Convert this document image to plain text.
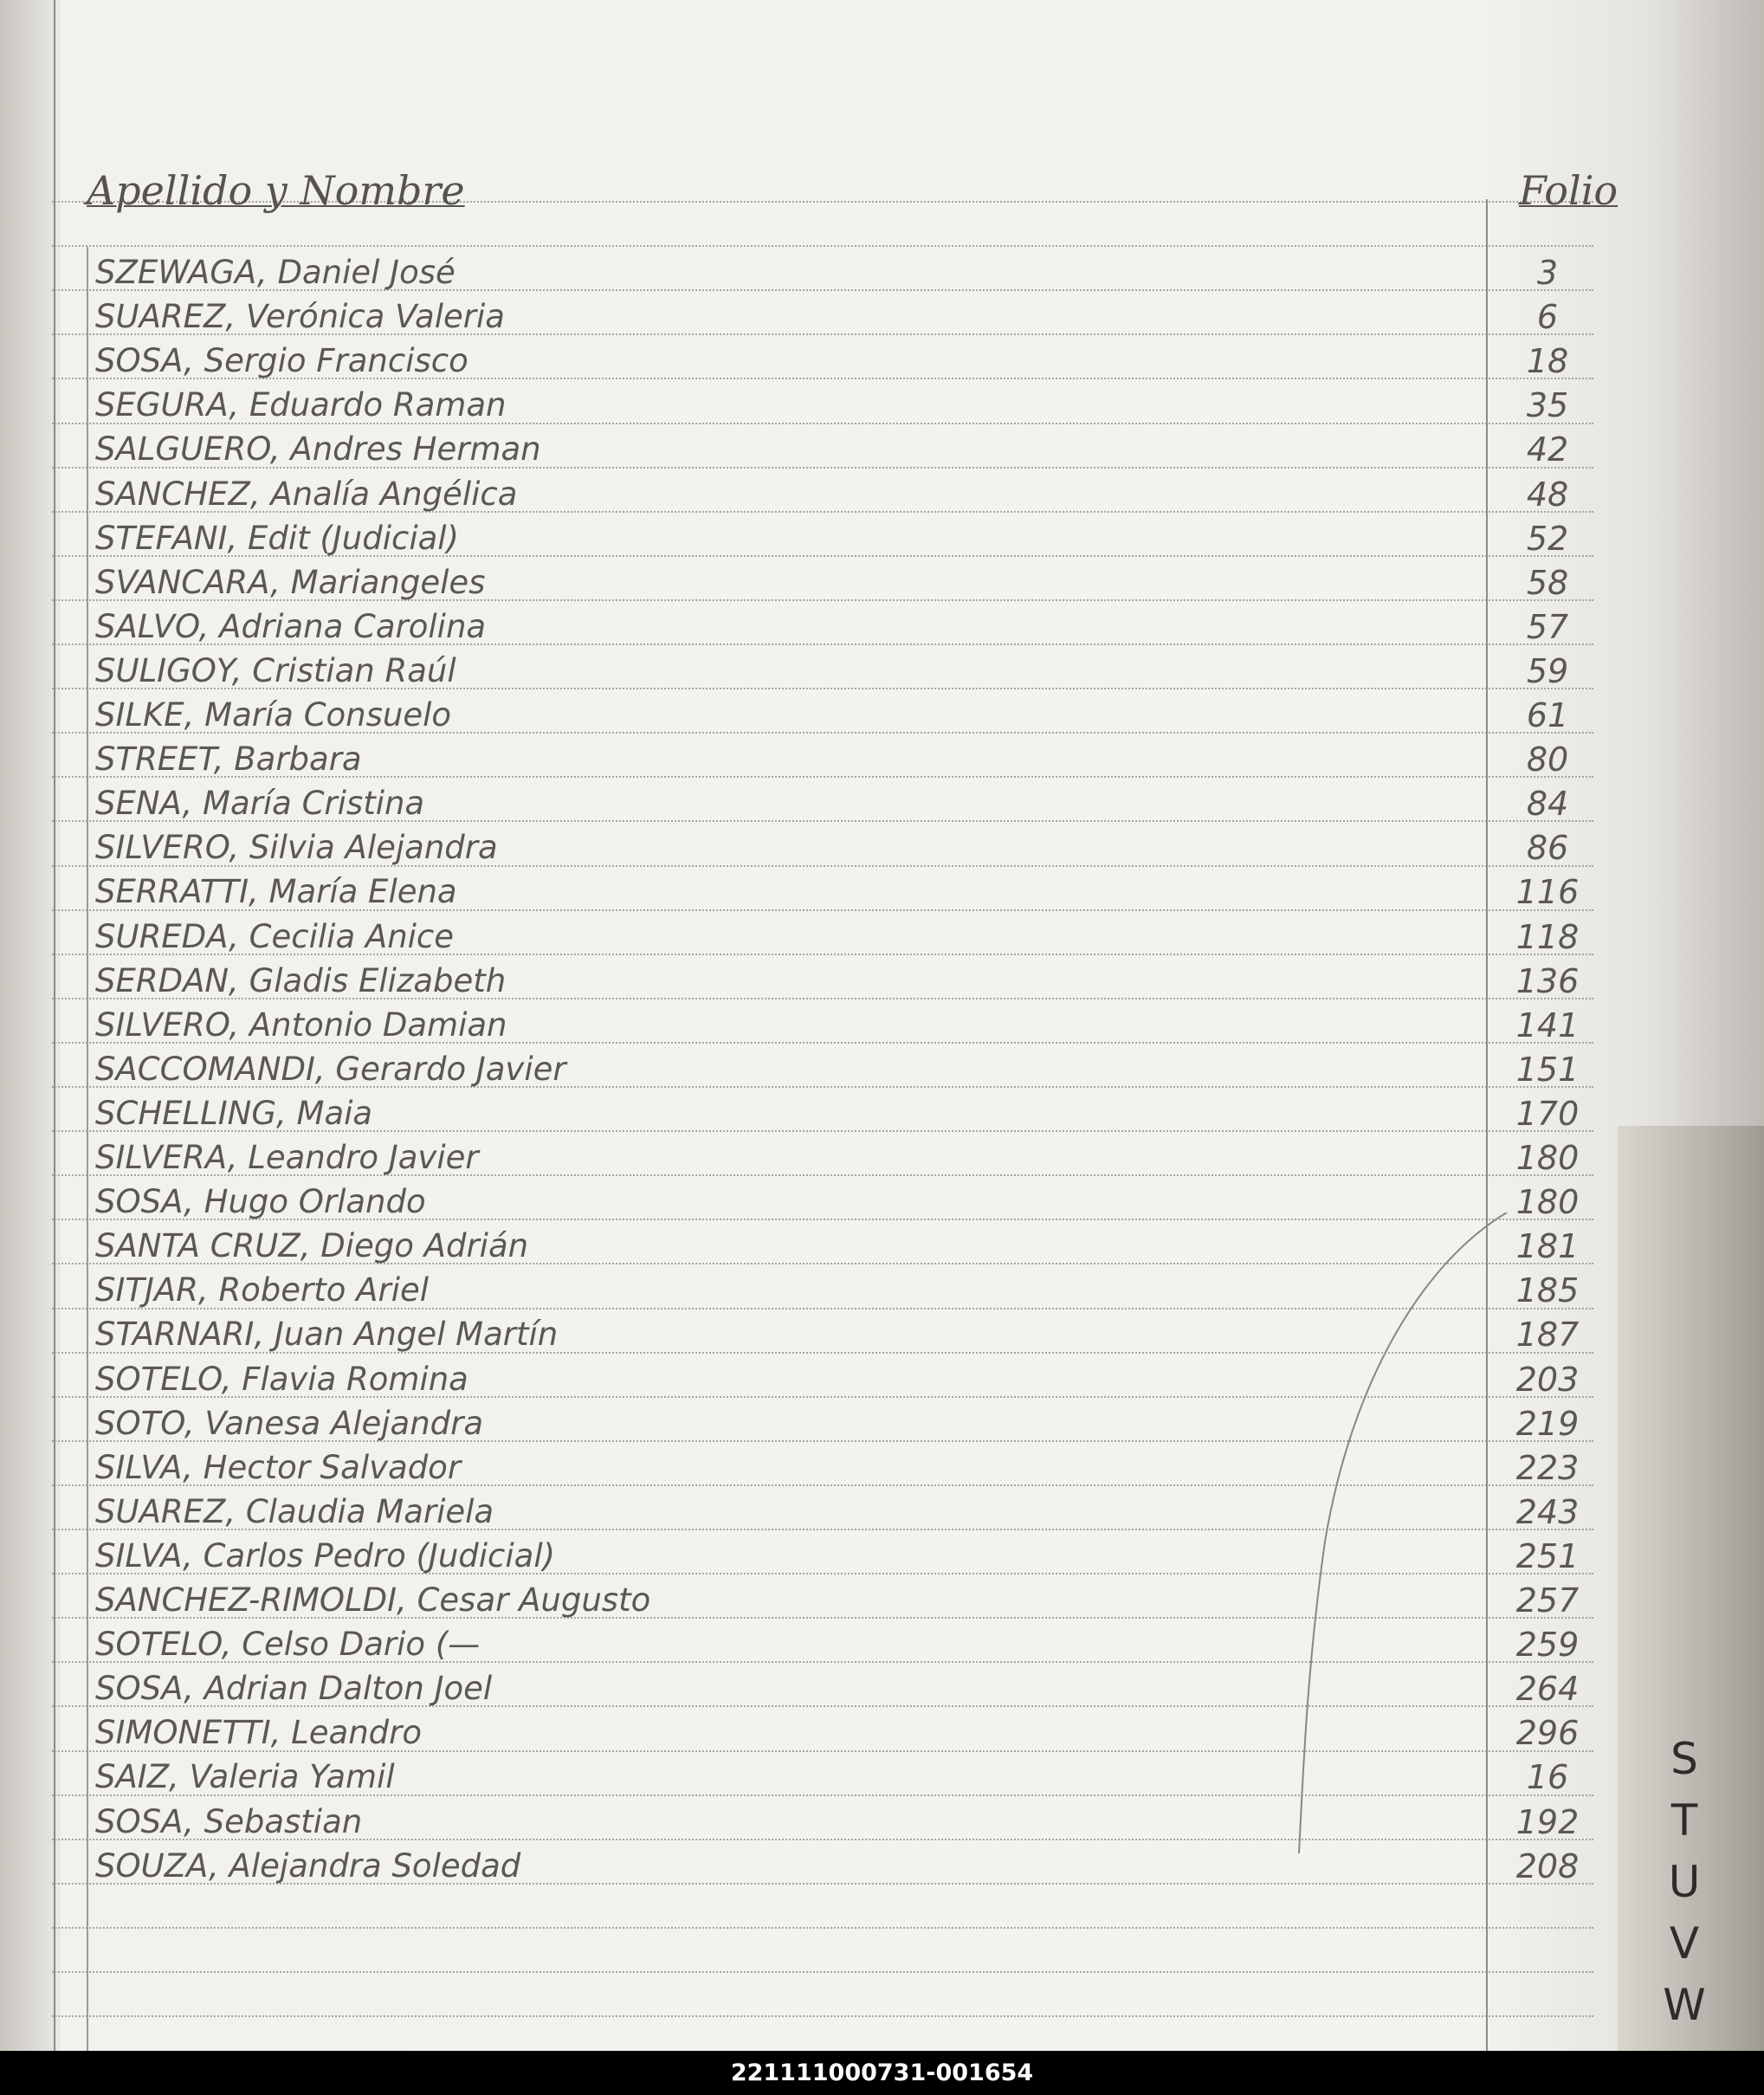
Apellido y Nombre	Folio
SZEWAGA, Daniel José	3
SUAREZ, Verónica Valeria	6
SOSA, Sergio Francisco	18
SEGURA, Eduardo Raman	35
SALGUERO, Andres Herman	42
SANCHEZ, Analía Angélica	48
STEFANI, Edit (Judicial)	52
SVANCARA, Mariangeles	58
SALVO, Adriana Carolina	57
SULIGOY, Cristian Raúl	59
SILKE, María Consuelo	61
STREET, Barbara	80
SENA, María Cristina	84
SILVERO, Silvia Alejandra	86
SERRATTI, María Elena	116
SUREDA, Cecilia Anice	118
SERDAN, Gladis Elizabeth	136
SILVERO, Antonio Damian	141
SACCOMANDI, Gerardo Javier	151
SCHELLING, Maia	170
SILVERA, Leandro Javier	180
SOSA, Hugo Orlando	180
SANTA CRUZ, Diego Adrián	181
SITJAR, Roberto Ariel	185
STARNARI, Juan Angel Martín	187
SOTELO, Flavia Romina	203
SOTO, Vanesa Alejandra	219
SILVA, Hector Salvador	223
SUAREZ, Claudia Mariela	243
SILVA, Carlos Pedro (Judicial)	251
SANCHEZ-RIMOLDI, Cesar Augusto	257
SOTELO, Celso Dario (—	259
SOSA, Adrian Dalton Joel	264
SIMONETTI, Leandro	296
SAIZ, Valeria Yamil	16
SOSA, Sebastian	192
SOUZA, Alejandra Soledad	208
S
T
U
V
W
221111000731-001654
